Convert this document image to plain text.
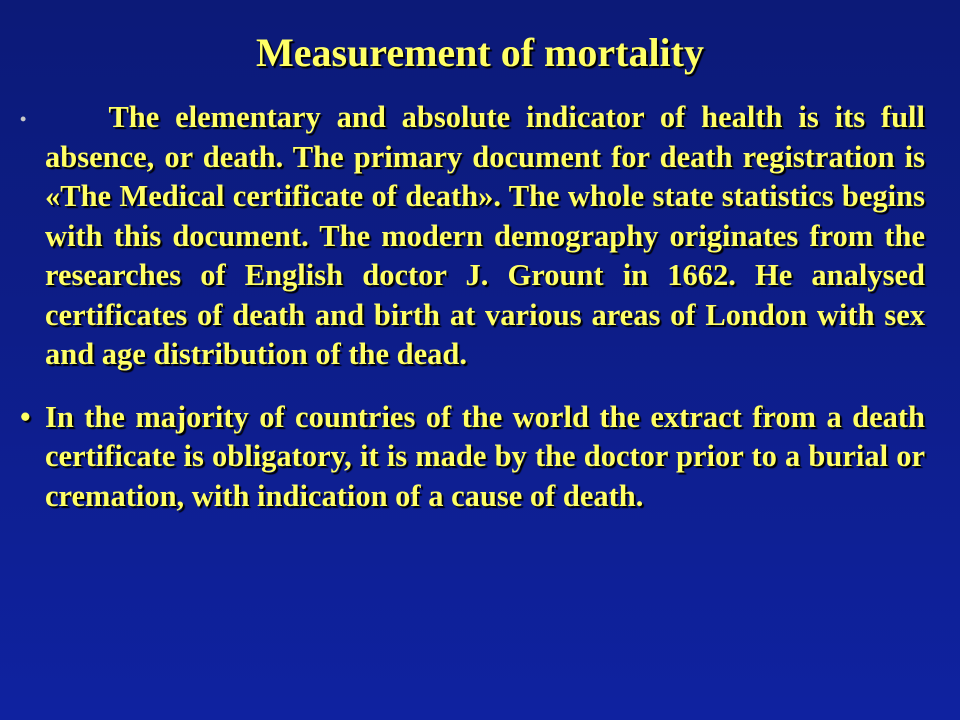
Measurement of mortality
• The elementary and absolute indicator of health is its full absence, or death. The primary document for death registration is «The Medical certificate of death». The whole state statistics begins with this document. The modern demography originates from the researches of English doctor J. Grount in 1662. He analysed certificates of death and birth at various areas of London with sex and age distribution of the dead.
• In the majority of countries of the world the extract from a death certificate is obligatory, it is made by the doctor prior to a burial or cremation, with indication of a cause of death.
